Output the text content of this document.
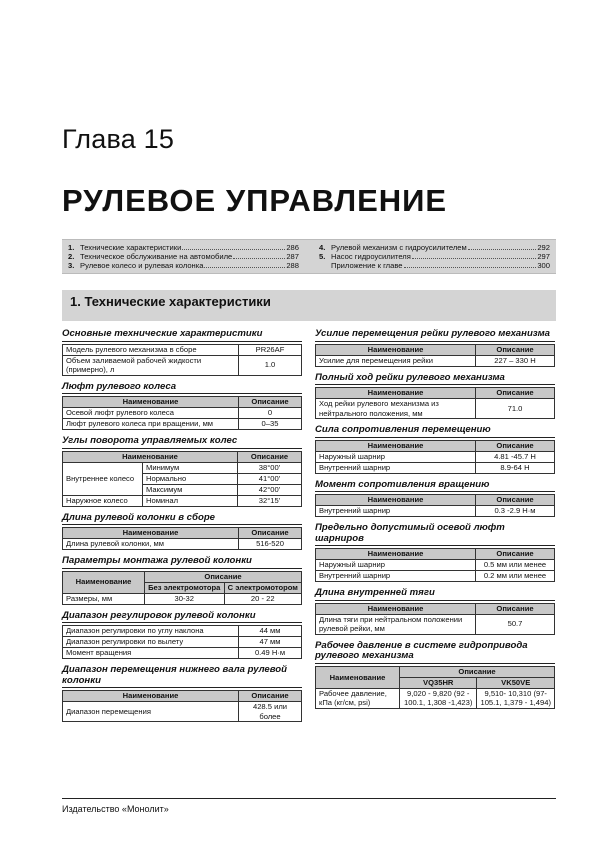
Глава 15
РУЛЕВОЕ УПРАВЛЕНИЕ
1. Технические характеристики	286
2. Техническое обслуживание на автомобиле	287
3. Рулевое колесо и рулевая колонка	288
4. Рулевой механизм с гидроусилителем	292
5. Насос гидроусилителя	297
Приложение к главе	300
1. Технические характеристики
Основные технические характеристики
Модель рулевого механизма в сборе	PR26AF
Объем заливаемой рабочей жидкости (примерно), л	1.0
Люфт рулевого колеса
Наименование	Описание
Осевой люфт рулевого колеса	0
Люфт рулевого колеса при вращении, мм	0–35
Углы поворота управляемых колес
Наименование		Описание
Внутреннее колесо	Минимум	38°00'
	Нормально	41°00'
	Максимум	42°00'
Наружное колесо	Номинал	32°15'
Длина рулевой колонки в сборе
Наименование	Описание
Длина рулевой колонки, мм	516-520
Параметры монтажа рулевой колонки
Наименование	Описание	
	Без электромотора	С электромотором
Размеры, мм	30-32	20 - 22
Диапазон регулировок рулевой колонки
Диапазон регулировки по углу наклона	44 мм
Диапазон регулировки по вылету	47 мм
Момент вращения	0.49 Н·м
Диапазон перемещения нижнего вала рулевой колонки
Наименование	Описание
Диапазон перемещения	428.5 или более
Усилие перемещения рейки рулевого механизма
Наименование	Описание
Усилие для перемещения рейки	227 – 330 Н
Полный ход рейки рулевого механизма
Наименование	Описание
Ход рейки рулевого механизма из нейтрального положения, мм	71.0
Сила сопротивления перемещению
Наименование	Описание
Наружный шарнир	4.81 -45.7 Н
Внутренний шарнир	8.9-64 Н
Момент сопротивления вращению
Наименование	Описание
Внутренний шарнир	0.3 -2.9 Н·м
Предельно допустимый осевой люфт шарниров
Наименование	Описание
Наружный шарнир	0.5 мм или менее
Внутренний шарнир	0.2 мм или менее
Длина внутренней тяги
Наименование	Описание
Длина тяги при нейтральном положении рулевой рейки, мм	50.7
Рабочее давление в системе гидропривода рулевого механизма
Наименование	Описание	
	VQ35HR	VK50VE
Рабочее давление, кПа (кг/см, psi)	9,020 - 9,820 (92 - 100.1, 1,308 -1,423)	9,510- 10,310 (97- 105.1, 1,379 - 1,494)
Издательство «Монолит»
